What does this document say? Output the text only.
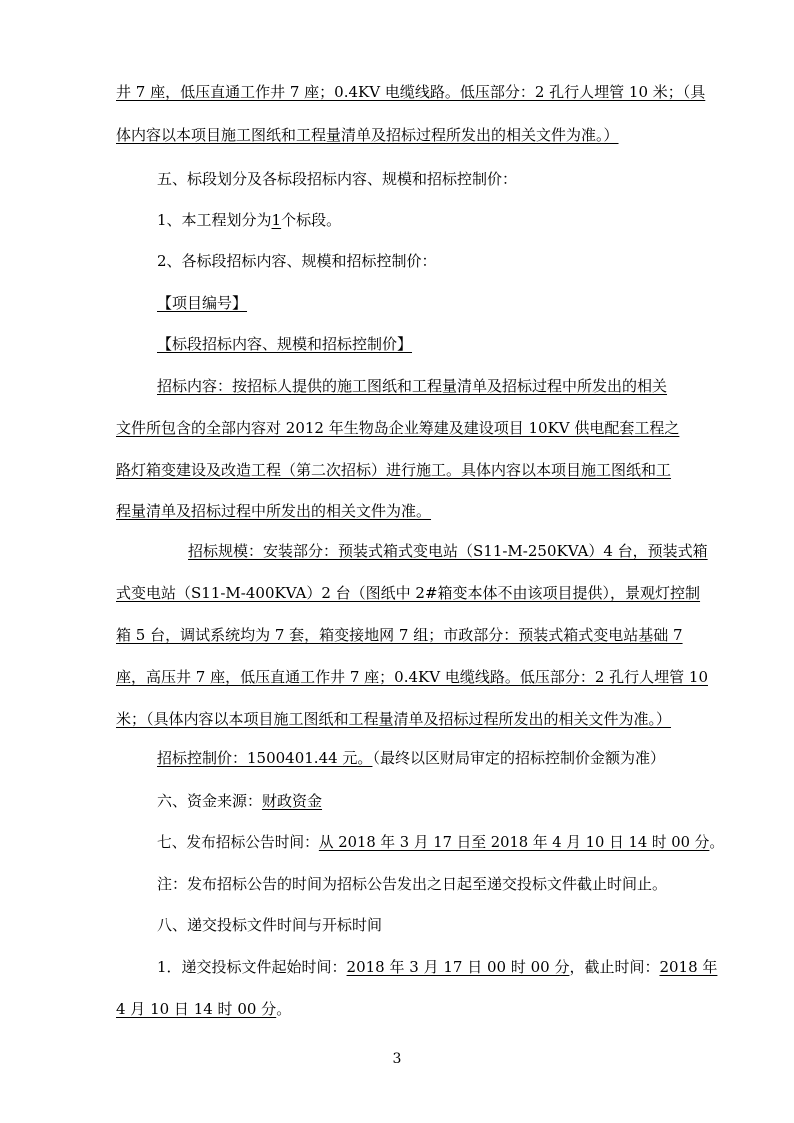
井 7 座，低压直通工作井 7 座；0.4KV 电缆线路。低压部分：2 孔行人埋管 10 米；（具
体内容以本项目施工图纸和工程量清单及招标过程所发出的相关文件为准。）
五、标段划分及各标段招标内容、规模和招标控制价：
1、本工程划分为1个标段。
2、各标段招标内容、规模和招标控制价：
【项目编号】
【标段招标内容、规模和招标控制价】
招标内容：按招标人提供的施工图纸和工程量清单及招标过程中所发出的相关
文件所包含的全部内容对 2012 年生物岛企业筹建及建设项目 10KV 供电配套工程之
路灯箱变建设及改造工程（第二次招标）进行施工。具体内容以本项目施工图纸和工
程量清单及招标过程中所发出的相关文件为准。
招标规模：安装部分：预装式箱式变电站（S11-M-250KVA）4 台，预装式箱
式变电站（S11-M-400KVA）2 台（图纸中 2#箱变本体不由该项目提供），景观灯控制
箱 5 台，调试系统均为 7 套，箱变接地网 7 组；市政部分：预装式箱式变电站基础 7
座，高压井 7 座，低压直通工作井 7 座；0.4KV 电缆线路。低压部分：2 孔行人埋管 10
米；（具体内容以本项目施工图纸和工程量清单及招标过程所发出的相关文件为准。）
招标控制价：1500401.44 元。（最终以区财局审定的招标控制价金额为准）
六、资金来源：财政资金
七、发布招标公告时间：从 2018 年 3 月 17 日至 2018 年 4 月 10 日 14 时 00 分。
注：发布招标公告的时间为招标公告发出之日起至递交投标文件截止时间止。
八、递交投标文件时间与开标时间
1．递交投标文件起始时间：2018 年 3 月 17 日 00 时 00 分，截止时间：2018 年
4 月 10 日 14 时 00 分。
3
